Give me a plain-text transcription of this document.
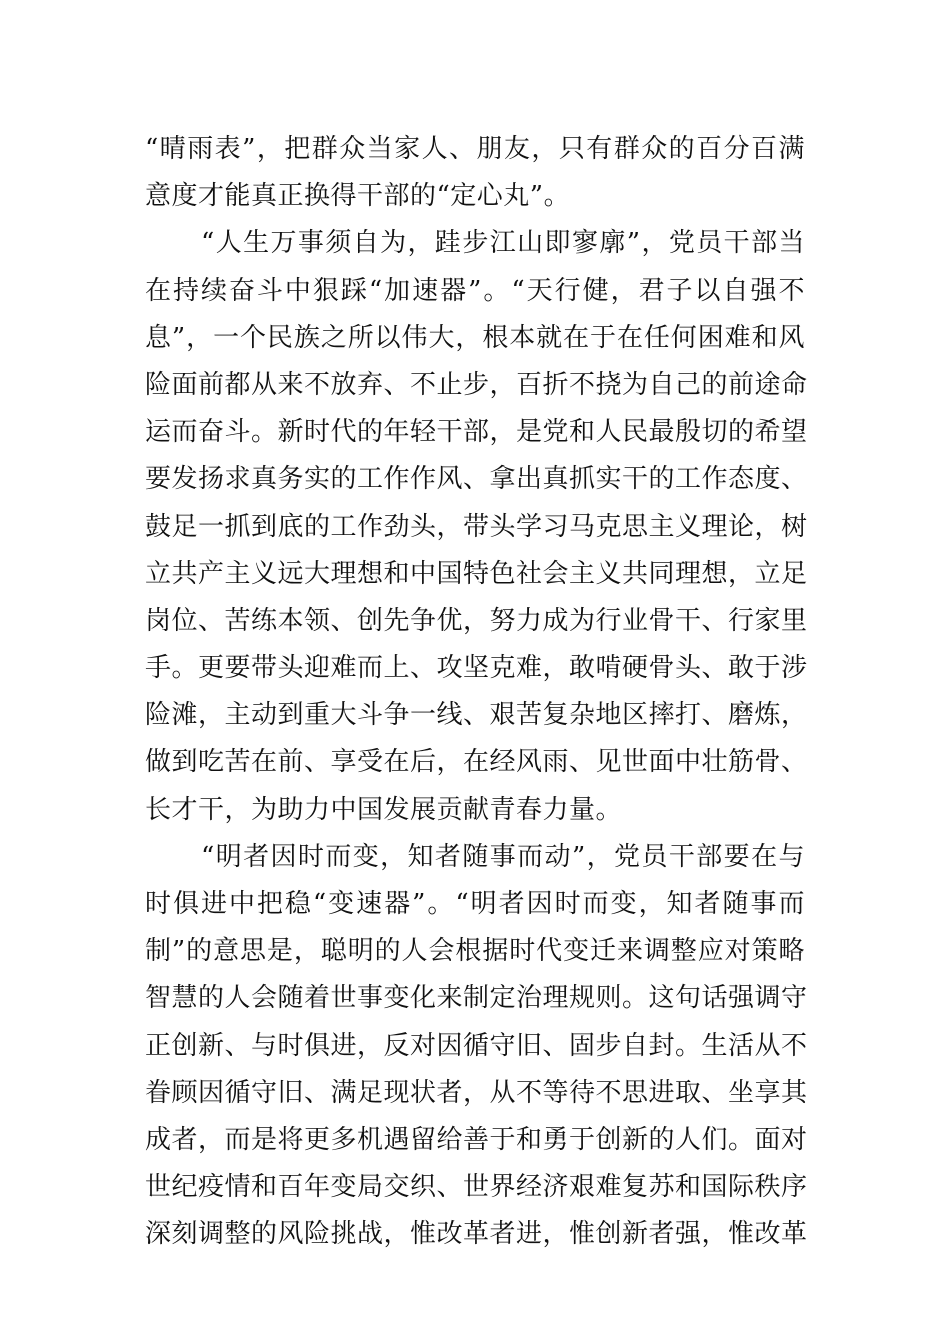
“晴雨表”，把群众当家人、朋友，只有群众的百分百满
意度才能真正换得干部的“定心丸”。
“人生万事须自为，跬步江山即寥廓”，党员干部当
在持续奋斗中狠踩“加速器”。“天行健，君子以自强不
息”，一个民族之所以伟大，根本就在于在任何困难和风
险面前都从来不放弃、不止步，百折不挠为自己的前途命
运而奋斗。新时代的年轻干部，是党和人民最殷切的希望
要发扬求真务实的工作作风、拿出真抓实干的工作态度、
鼓足一抓到底的工作劲头，带头学习马克思主义理论，树
立共产主义远大理想和中国特色社会主义共同理想，立足
岗位、苦练本领、创先争优，努力成为行业骨干、行家里
手。更要带头迎难而上、攻坚克难，敢啃硬骨头、敢于涉
险滩，主动到重大斗争一线、艰苦复杂地区摔打、磨炼，
做到吃苦在前、享受在后，在经风雨、见世面中壮筋骨、
长才干，为助力中国发展贡献青春力量。
“明者因时而变，知者随事而动”，党员干部要在与
时俱进中把稳“变速器”。“明者因时而变，知者随事而
制”的意思是，聪明的人会根据时代变迁来调整应对策略
智慧的人会随着世事变化来制定治理规则。这句话强调守
正创新、与时俱进，反对因循守旧、固步自封。生活从不
眷顾因循守旧、满足现状者，从不等待不思进取、坐享其
成者，而是将更多机遇留给善于和勇于创新的人们。面对
世纪疫情和百年变局交织、世界经济艰难复苏和国际秩序
深刻调整的风险挑战，惟改革者进，惟创新者强，惟改革
